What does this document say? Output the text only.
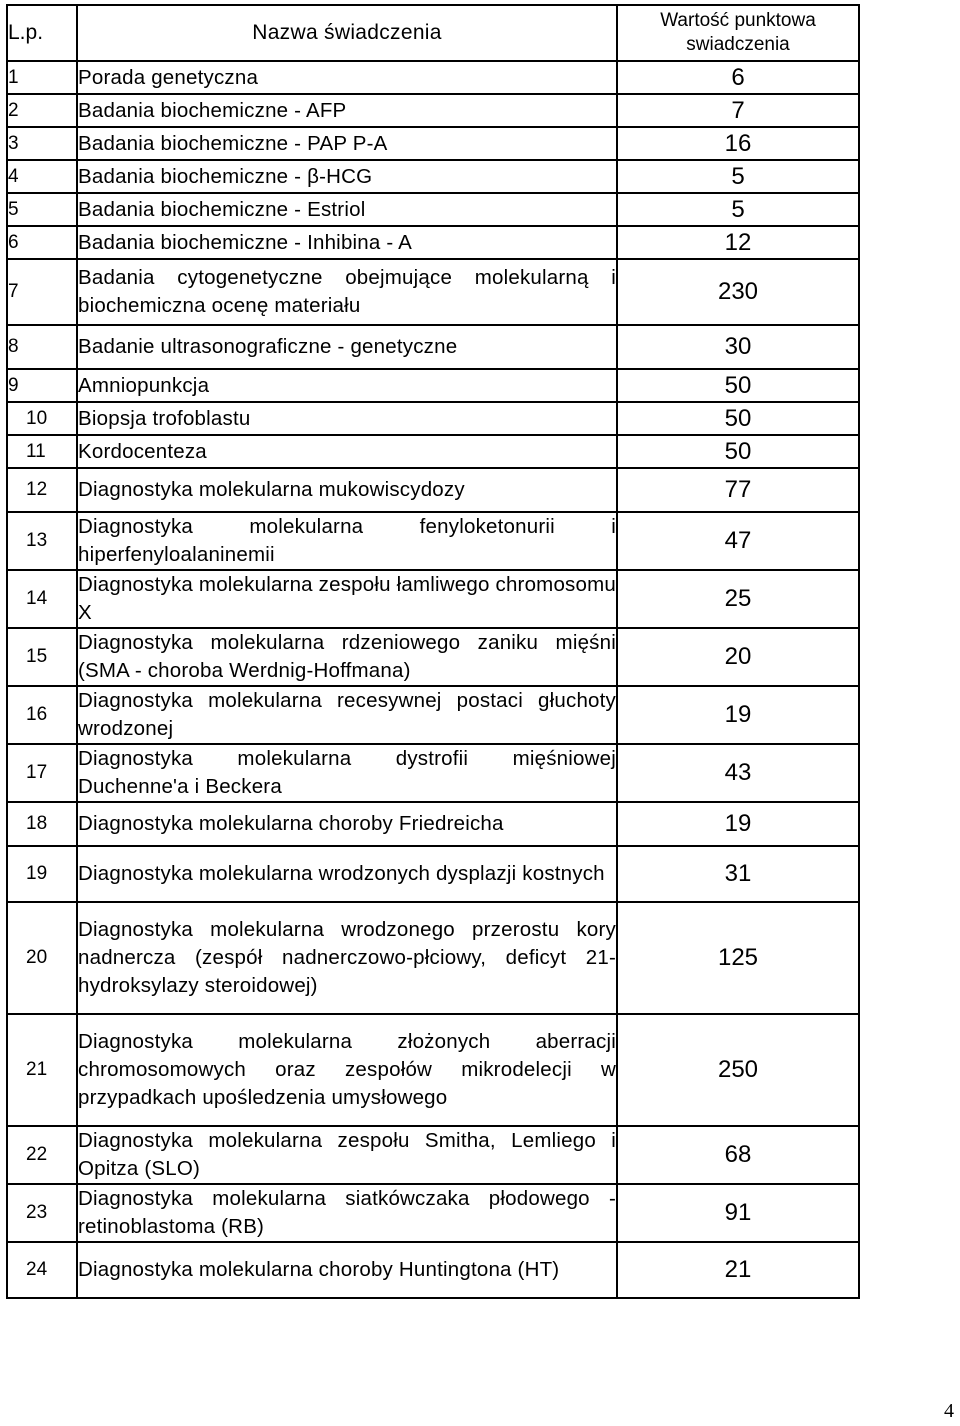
L.p.	Nazwa świadczenia	Wartość punktowa
swiadczenia
1	Porada genetyczna	6
2	Badania biochemiczne - AFP	7
3	Badania biochemiczne - PAP P-A	16
4	Badania biochemiczne - β-HCG	5
5	Badania biochemiczne - Estriol	5
6	Badania biochemiczne - Inhibina - A	12
7	Badania cytogenetyczne obejmujące molekularną i biochemiczna ocenę materiału	230
8	Badanie ultrasonograficzne - genetyczne	30
9	Amniopunkcja	50
10	Biopsja trofoblastu	50
11	Kordocenteza	50
12	Diagnostyka molekularna mukowiscydozy	77
13	Diagnostyka molekularna fenyloketonurii i hiperfenyloalaninemii	47
14	Diagnostyka molekularna zespołu łamliwego chromosomu X	25
15	Diagnostyka molekularna rdzeniowego zaniku mięśni (SMA - choroba Werdnig-Hoffmana)	20
16	Diagnostyka molekularna recesywnej postaci głuchoty wrodzonej	19
17	Diagnostyka molekularna dystrofii mięśniowej Duchenne'a i Beckera	43
18	Diagnostyka molekularna choroby Friedreicha	19
19	Diagnostyka molekularna wrodzonych dysplazji kostnych	31
20	Diagnostyka molekularna wrodzonego przerostu kory nadnercza (zespół nadnerczowo-płciowy, deficyt 21-hydroksylazy steroidowej)	125
21	Diagnostyka molekularna złożonych aberracji chromosomowych oraz zespołów mikrodelecji w przypadkach upośledzenia umysłowego	250
22	Diagnostyka molekularna zespołu Smitha, Lemliego i Opitza (SLO)	68
23	Diagnostyka molekularna siatkówczaka płodowego - retinoblastoma (RB)	91
24	Diagnostyka molekularna choroby Huntingtona (HT)	21
4
